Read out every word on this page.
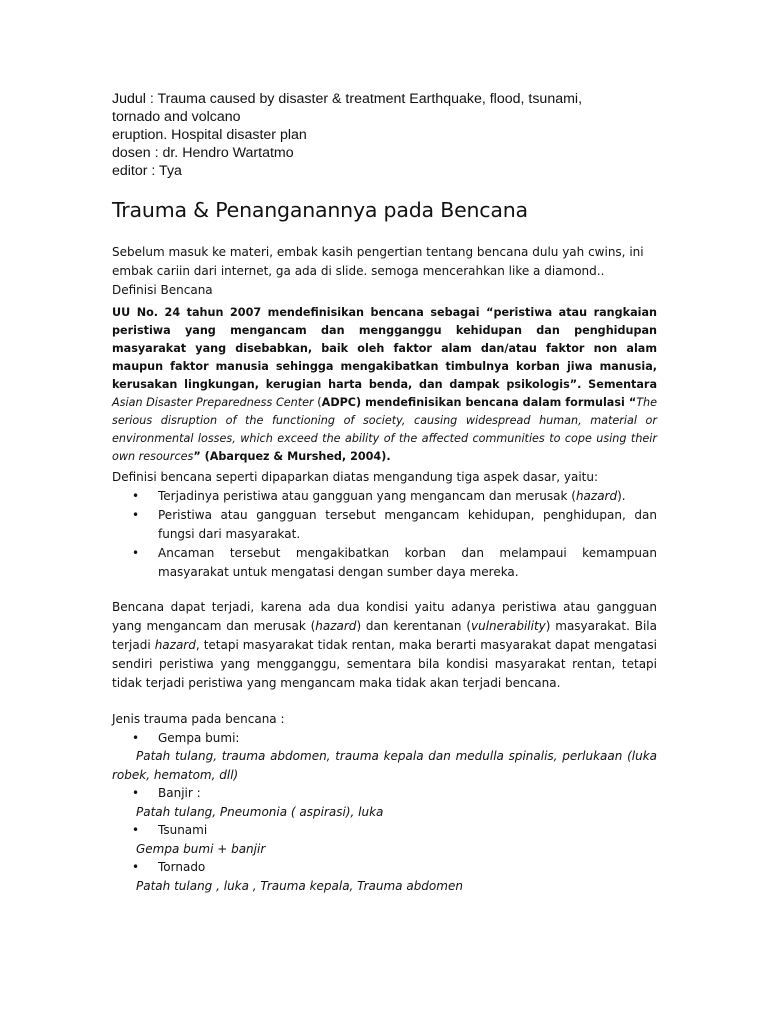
Judul : Trauma caused by disaster & treatment Earthquake, flood, tsunami,
tornado and volcano
eruption. Hospital disaster plan
dosen : dr. Hendro Wartatmo
editor : Tya
Trauma & Penanganannya pada Bencana
Sebelum masuk ke materi, embak kasih pengertian tentang bencana dulu yah cwins, ini
embak cariin dari internet, ga ada di slide. semoga mencerahkan like a diamond..
Definisi Bencana
UU No. 24 tahun 2007 mendefinisikan bencana sebagai “peristiwa atau rangkaian peristiwa yang mengancam dan mengganggu kehidupan dan penghidupan masyarakat yang disebabkan, baik oleh faktor alam dan/atau faktor non alam maupun faktor manusia sehingga mengakibatkan timbulnya korban jiwa manusia, kerusakan lingkungan, kerugian harta benda, dan dampak psikologis”. Sementara Asian Disaster Preparedness Center (ADPC) mendefinisikan bencana dalam formulasi “The serious disruption of the functioning of society, causing widespread human, material or environmental losses, which exceed the ability of the affected communities to cope using their own resources” (Abarquez & Murshed, 2004).
Definisi bencana seperti dipaparkan diatas mengandung tiga aspek dasar, yaitu:
• Terjadinya peristiwa atau gangguan yang mengancam dan merusak (hazard).
• Peristiwa atau gangguan tersebut mengancam kehidupan, penghidupan, dan fungsi dari masyarakat.
• Ancaman tersebut mengakibatkan korban dan melampaui kemampuan masyarakat untuk mengatasi dengan sumber daya mereka.
Bencana dapat terjadi, karena ada dua kondisi yaitu adanya peristiwa atau gangguan yang mengancam dan merusak (hazard) dan kerentanan (vulnerability) masyarakat. Bila terjadi hazard, tetapi masyarakat tidak rentan, maka berarti masyarakat dapat mengatasi sendiri peristiwa yang mengganggu, sementara bila kondisi masyarakat rentan, tetapi tidak terjadi peristiwa yang mengancam maka tidak akan terjadi bencana.
Jenis trauma pada bencana :
• Gempa bumi:
Patah tulang, trauma abdomen, trauma kepala dan medulla spinalis, perlukaan (luka robek, hematom, dll)
• Banjir :
Patah tulang, Pneumonia ( aspirasi), luka
• Tsunami
Gempa bumi + banjir
• Tornado
Patah tulang , luka , Trauma kepala, Trauma abdomen
